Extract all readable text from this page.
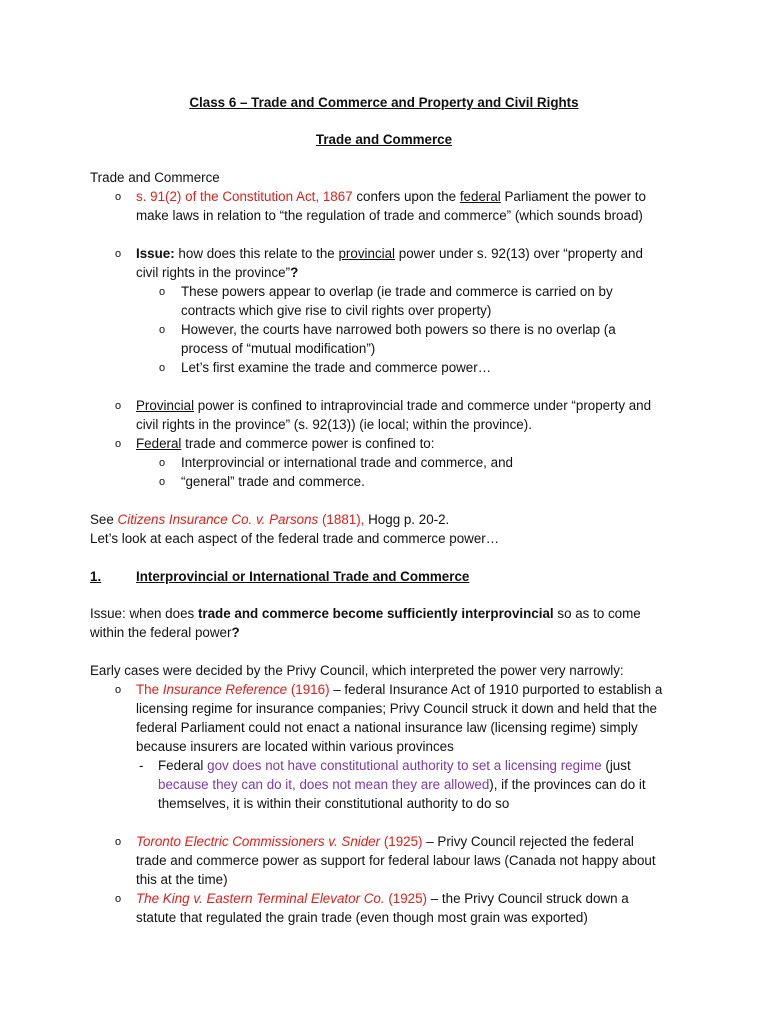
Class 6 – Trade and Commerce and Property and Civil Rights
Trade and Commerce
Trade and Commerce
o s. 91(2) of the Constitution Act, 1867 confers upon the federal Parliament the power to
make laws in relation to “the regulation of trade and commerce” (which sounds broad)
o Issue: how does this relate to the provincial power under s. 92(13) over “property and
civil rights in the province”?
o These powers appear to overlap (ie trade and commerce is carried on by
contracts which give rise to civil rights over property)
o However, the courts have narrowed both powers so there is no overlap (a
process of “mutual modification”)
o Let’s first examine the trade and commerce power…
o Provincial power is confined to intraprovincial trade and commerce under “property and
civil rights in the province” (s. 92(13)) (ie local; within the province).
o Federal trade and commerce power is confined to:
o Interprovincial or international trade and commerce, and
o “general” trade and commerce.
See Citizens Insurance Co. v. Parsons (1881), Hogg p. 20-2.
Let’s look at each aspect of the federal trade and commerce power…
1.	Interprovincial or International Trade and Commerce
Issue: when does trade and commerce become sufficiently interprovincial so as to come
within the federal power?
Early cases were decided by the Privy Council, which interpreted the power very narrowly:
o The Insurance Reference (1916) – federal Insurance Act of 1910 purported to establish a
licensing regime for insurance companies; Privy Council struck it down and held that the
federal Parliament could not enact a national insurance law (licensing regime) simply
because insurers are located within various provinces
- Federal gov does not have constitutional authority to set a licensing regime (just
because they can do it, does not mean they are allowed), if the provinces can do it
themselves, it is within their constitutional authority to do so
o Toronto Electric Commissioners v. Snider (1925) – Privy Council rejected the federal
trade and commerce power as support for federal labour laws (Canada not happy about
this at the time)
o The King v. Eastern Terminal Elevator Co. (1925) – the Privy Council struck down a
statute that regulated the grain trade (even though most grain was exported)
